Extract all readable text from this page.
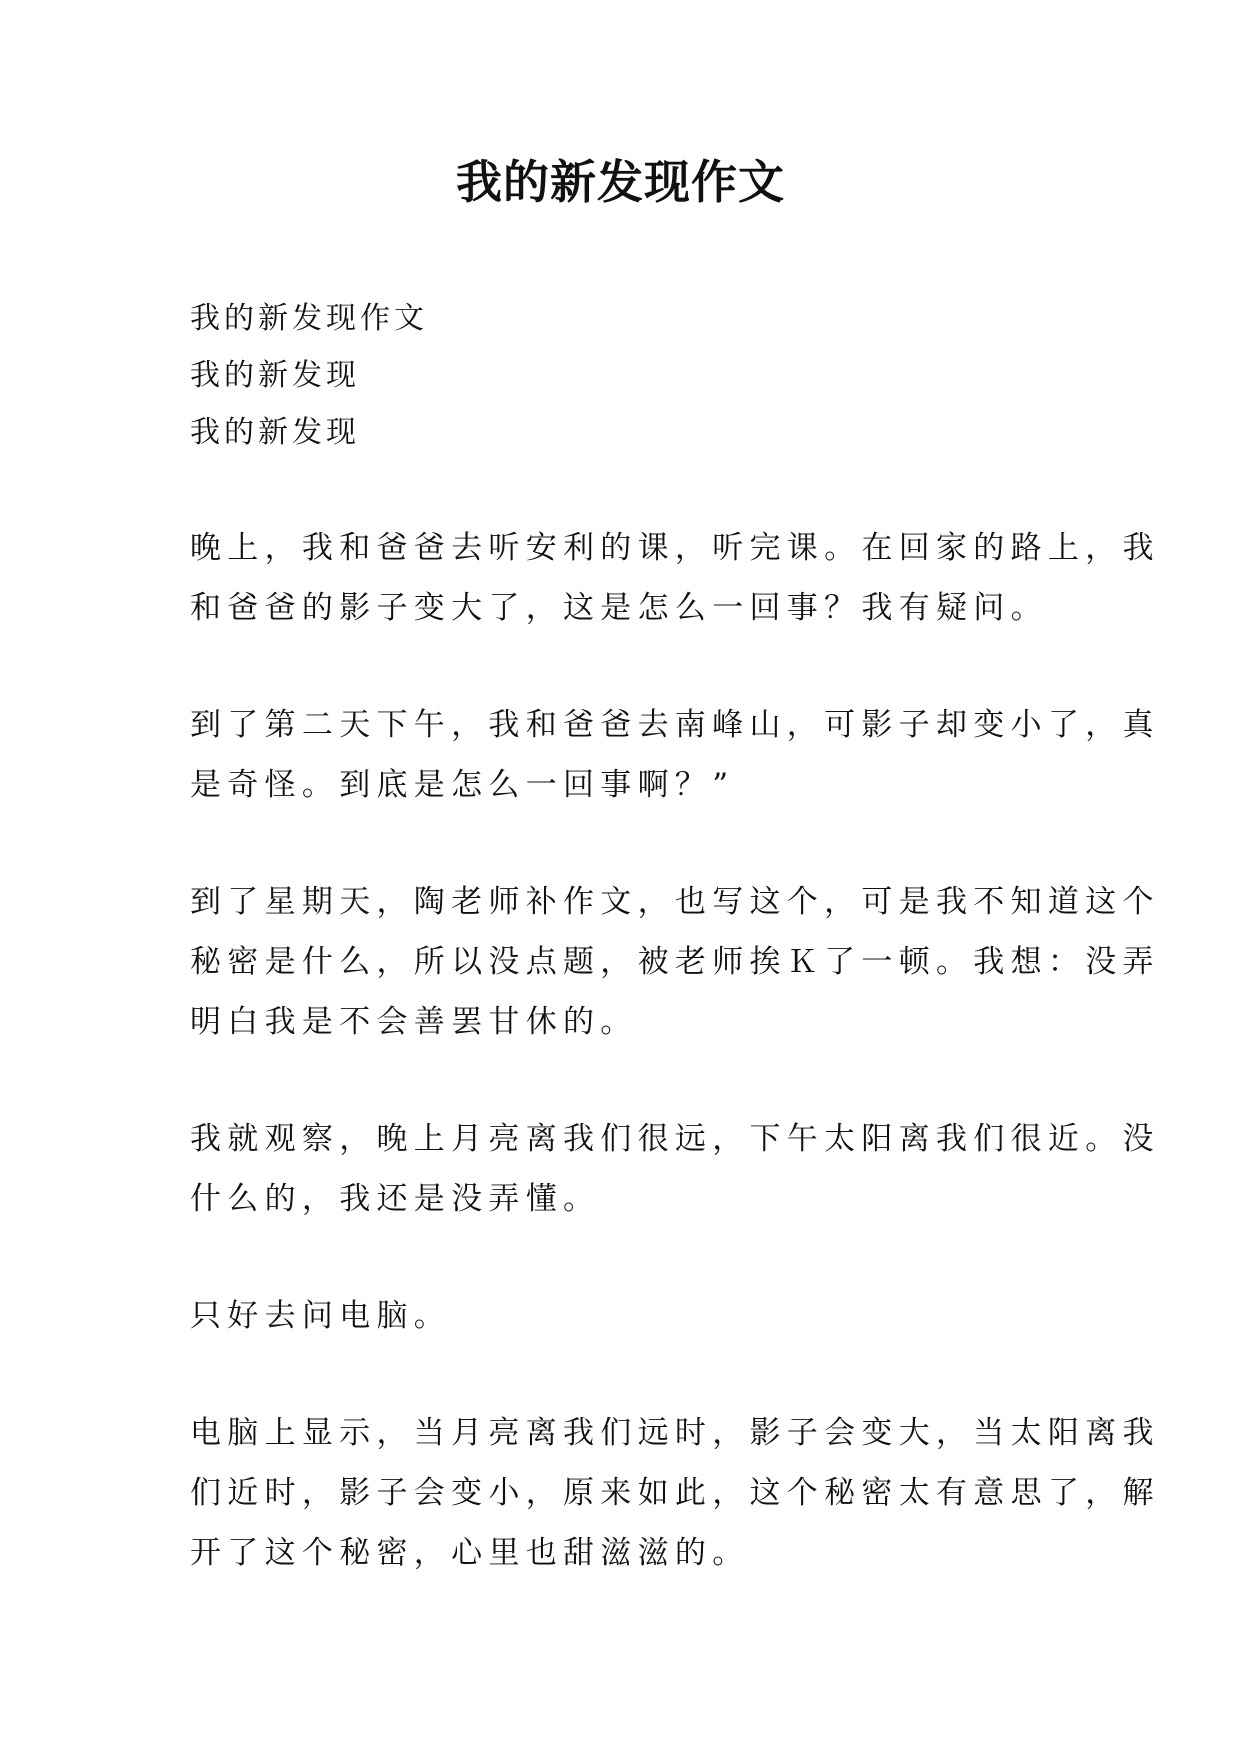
我的新发现作文
我的新发现作文
我的新发现
我的新发现
晚上，我和爸爸去听安利的课，听完课。在回家的路上，我
和爸爸的影子变大了，这是怎么一回事？我有疑问。
到了第二天下午，我和爸爸去南峰山，可影子却变小了，真
是奇怪。到底是怎么一回事啊？”
到了星期天，陶老师补作文，也写这个，可是我不知道这个
秘密是什么，所以没点题，被老师挨Ｋ了一顿。我想：没弄
明白我是不会善罢甘休的。
我就观察，晚上月亮离我们很远，下午太阳离我们很近。没
什么的，我还是没弄懂。
只好去问电脑。
电脑上显示，当月亮离我们远时，影子会变大，当太阳离我
们近时，影子会变小，原来如此，这个秘密太有意思了，解
开了这个秘密，心里也甜滋滋的。
